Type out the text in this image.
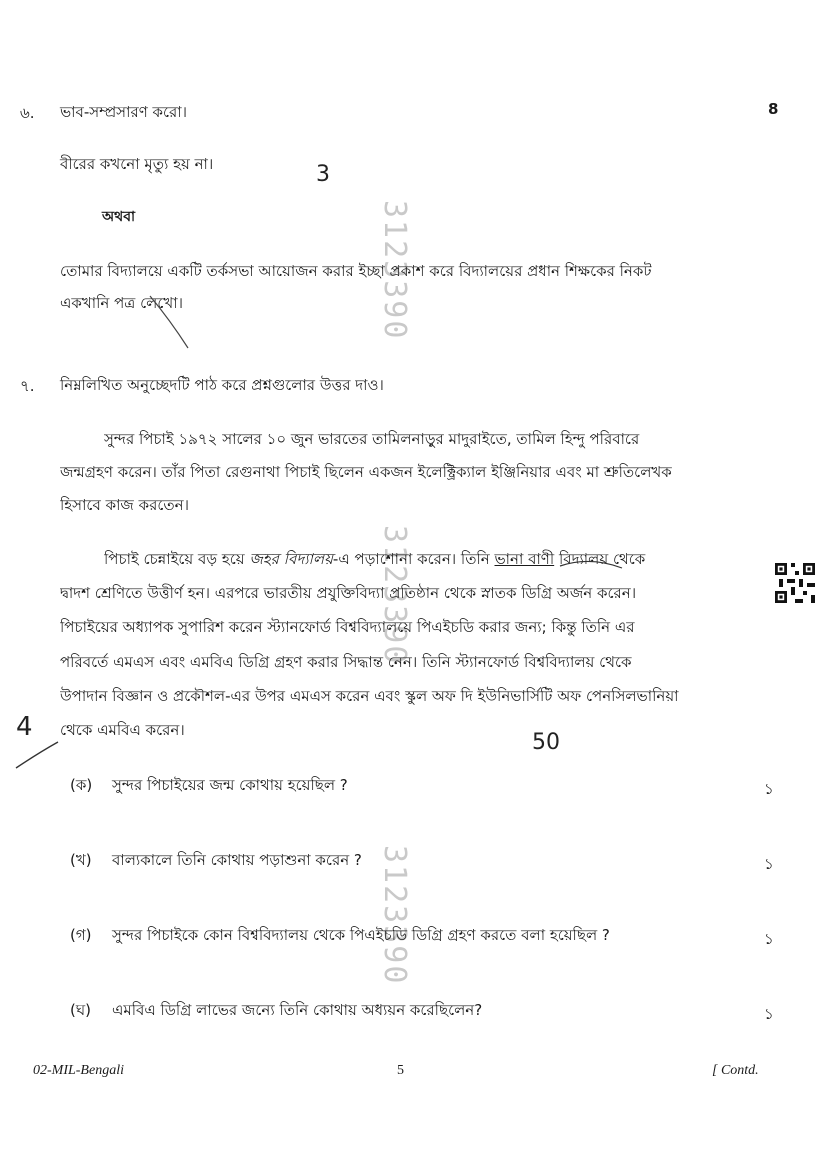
8
3123390
3123390
3123390
৬. ভাব-সম্প্রসারণ করো।
বীরের কখনো মৃত্যু হয় না।
অথবা
তোমার বিদ্যালয়ে একটি তর্কসভা আয়োজন করার ইচ্ছা প্রকাশ করে বিদ্যালয়ের প্রধান শিক্ষকের নিকট
একখানি পত্র লেখো।
৭. নিম্নলিখিত অনুচ্ছেদটি পাঠ করে প্রশ্নগুলোর উত্তর দাও।
সুন্দর পিচাই ১৯৭২ সালের ১০ জুন ভারতের তামিলনাড়ুর মাদুরাইতে, তামিল হিন্দু পরিবারে
জন্মগ্রহণ করেন। তাঁর পিতা রেগুনাথা পিচাই ছিলেন একজন ইলেক্ট্রিক্যাল ইঞ্জিনিয়ার এবং মা শ্রুতিলেখক
হিসাবে কাজ করতেন।
পিচাই চেন্নাইয়ে বড় হয়ে জহর বিদ্যালয়-এ পড়াশোনা করেন। তিনি ভানা বাণী বিদ্যালয় থেকে
দ্বাদশ শ্রেণিতে উত্তীর্ণ হন। এরপরে ভারতীয় প্রযুক্তিবিদ্যা প্রতিষ্ঠান থেকে স্নাতক ডিগ্রি অর্জন করেন।
পিচাইয়ের অধ্যাপক সুপারিশ করেন স্ট্যানফোর্ড বিশ্ববিদ্যালয়ে পিএইচডি করার জন্য; কিন্তু তিনি এর
পরিবর্তে এমএস এবং এমবিএ ডিগ্রি গ্রহণ করার সিদ্ধান্ত নেন। তিনি স্ট্যানফোর্ড বিশ্ববিদ্যালয় থেকে
উপাদান বিজ্ঞান ও প্রকৌশল-এর উপর এমএস করেন এবং স্কুল অফ দি ইউনিভার্সিটি অফ পেনসিলভানিয়া
থেকে এমবিএ করেন।
(ক) সুন্দর পিচাইয়ের জন্ম কোথায় হয়েছিল ?	১
(খ) বাল্যকালে তিনি কোথায় পড়াশুনা করেন ?	১
(গ) সুন্দর পিচাইকে কোন বিশ্ববিদ্যালয় থেকে পিএইচডি ডিগ্রি গ্রহণ করতে বলা হয়েছিল ?	১
(ঘ) এমবিএ ডিগ্রি লাভের জন্যে তিনি কোথায় অধ্যয়ন করেছিলেন?	১
3
4
50
02-MIL-Bengali	5	[ Contd.
